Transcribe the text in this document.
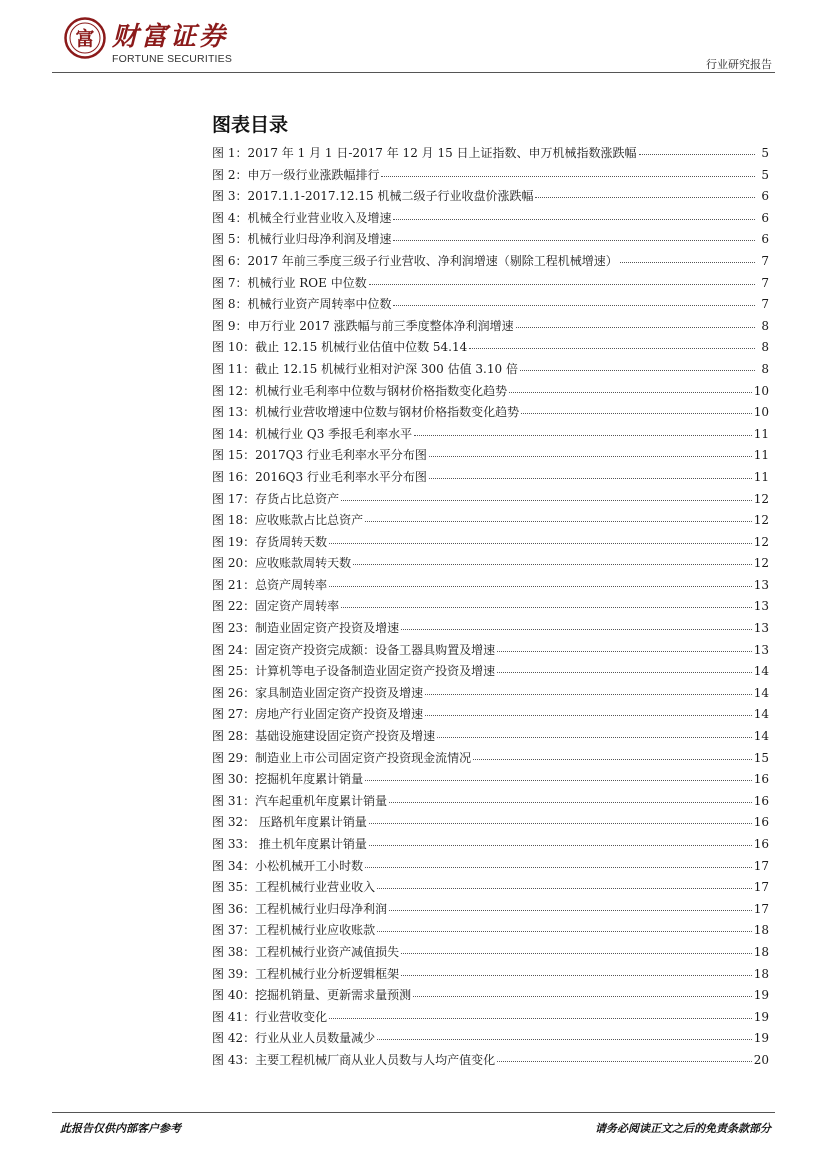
富 财富证券
FORTUNE SECURITIES	行业研究报告
图表目录
图 1：2017 年 1 月 1 日-2017 年 12 月 15 日上证指数、申万机械指数涨跌幅	5
图 2：申万一级行业涨跌幅排行	5
图 3：2017.1.1-2017.12.15 机械二级子行业收盘价涨跌幅	6
图 4：机械全行业营业收入及增速	6
图 5：机械行业归母净利润及增速	6
图 6：2017 年前三季度三级子行业营收、净利润增速（剔除工程机械增速）	7
图 7：机械行业 ROE 中位数	7
图 8：机械行业资产周转率中位数	7
图 9：申万行业 2017 涨跌幅与前三季度整体净利润增速	8
图 10：截止 12.15 机械行业估值中位数 54.14	8
图 11：截止 12.15 机械行业相对沪深 300 估值 3.10 倍	8
图 12：机械行业毛利率中位数与钢材价格指数变化趋势	10
图 13：机械行业营收增速中位数与钢材价格指数变化趋势	10
图 14：机械行业 Q3 季报毛利率水平	11
图 15：2017Q3 行业毛利率水平分布图	11
图 16：2016Q3 行业毛利率水平分布图	11
图 17：存货占比总资产	12
图 18：应收账款占比总资产	12
图 19：存货周转天数	12
图 20：应收账款周转天数	12
图 21：总资产周转率	13
图 22：固定资产周转率	13
图 23：制造业固定资产投资及增速	13
图 24：固定资产投资完成额：设备工器具购置及增速	13
图 25：计算机等电子设备制造业固定资产投资及增速	14
图 26：家具制造业固定资产投资及增速	14
图 27：房地产行业固定资产投资及增速	14
图 28：基础设施建设固定资产投资及增速	14
图 29：制造业上市公司固定资产投资现金流情况	15
图 30：挖掘机年度累计销量	16
图 31：汽车起重机年度累计销量	16
图 32： 压路机年度累计销量	16
图 33： 推土机年度累计销量	16
图 34：小松机械开工小时数	17
图 35：工程机械行业营业收入	17
图 36：工程机械行业归母净利润	17
图 37：工程机械行业应收账款	18
图 38：工程机械行业资产减值损失	18
图 39：工程机械行业分析逻辑框架	18
图 40：挖掘机销量、更新需求量预测	19
图 41：行业营收变化	19
图 42：行业从业人员数量减少	19
图 43：主要工程机械厂商从业人员数与人均产值变化	20
此报告仅供内部客户参考	请务必阅读正文之后的免责条款部分
